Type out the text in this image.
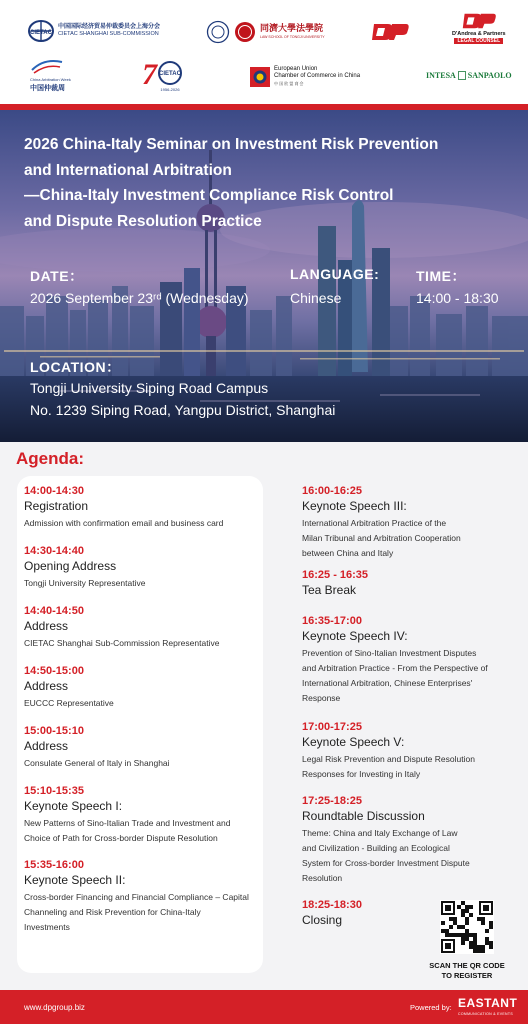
CIETAC
中国国际经济贸易仲裁委员会上海分会
CIETAC SHANGHAI SUB-COMMISSION
同濟大學法學院
LAW SCHOOL OF TONGJI UNIVERSITY	D'Andrea & Partners
LEGAL COUNSEL
China Arbitration Week
中国仲裁周	7 CIETAC
1956-2026
European Union
Chamber of Commerce in China
中 国 欧 盟 商 会
INTESA SANPAOLO
2026 China-Italy Seminar on Investment Risk Prevention
and International Arbitration
—China-Italy Investment Compliance Risk Control
and Dispute Resolution Practice
DATE：
2026 September 23ʳᵈ (Wednesday)
LANGUAGE:
Chinese
TIME：
14:00 - 18:30
LOCATION：
Tongji University Siping Road Campus
No. 1239 Siping Road, Yangpu District, Shanghai
Agenda:
14:00-14:30
Registration
Admission with confirmation email and business card
14:30-14:40
Opening Address
Tongji University Representative
14:40-14:50
Address
CIETAC Shanghai Sub-Commission Representative
14:50-15:00
Address
EUCCC Representative
15:00-15:10
Address
Consulate General of Italy in Shanghai
15:10-15:35
Keynote Speech I:
New Patterns of Sino-Italian Trade and Investment and
Choice of Path for Cross-border Dispute Resolution
15:35-16:00
Keynote Speech II:
Cross-border Financing and Financial Compliance – Capital
Channeling and Risk Prevention for China-Italy
Investments
16:00-16:25
Keynote Speech III:
International Arbitration Practice of the
Milan Tribunal and Arbitration Cooperation
between China and Italy
16:25 - 16:35
Tea Break
16:35-17:00
Keynote Speech IV:
Prevention of Sino-Italian Investment Disputes
and Arbitration Practice - From the Perspective of
International Arbitration, Chinese Enterprises'
Response
17:00-17:25
Keynote Speech V:
Legal Risk Prevention and Dispute Resolution
Responses for Investing in Italy
17:25-18:25
Roundtable Discussion
Theme: China and Italy Exchange of Law
and Civilization - Building an Ecological
System for Cross-border Investment Dispute
Resolution
18:25-18:30
Closing
SCAN THE QR CODE
TO REGISTER
www.dpgroup.biz	Powered by: EASTANT
COMMUNICATION & EVENTS
